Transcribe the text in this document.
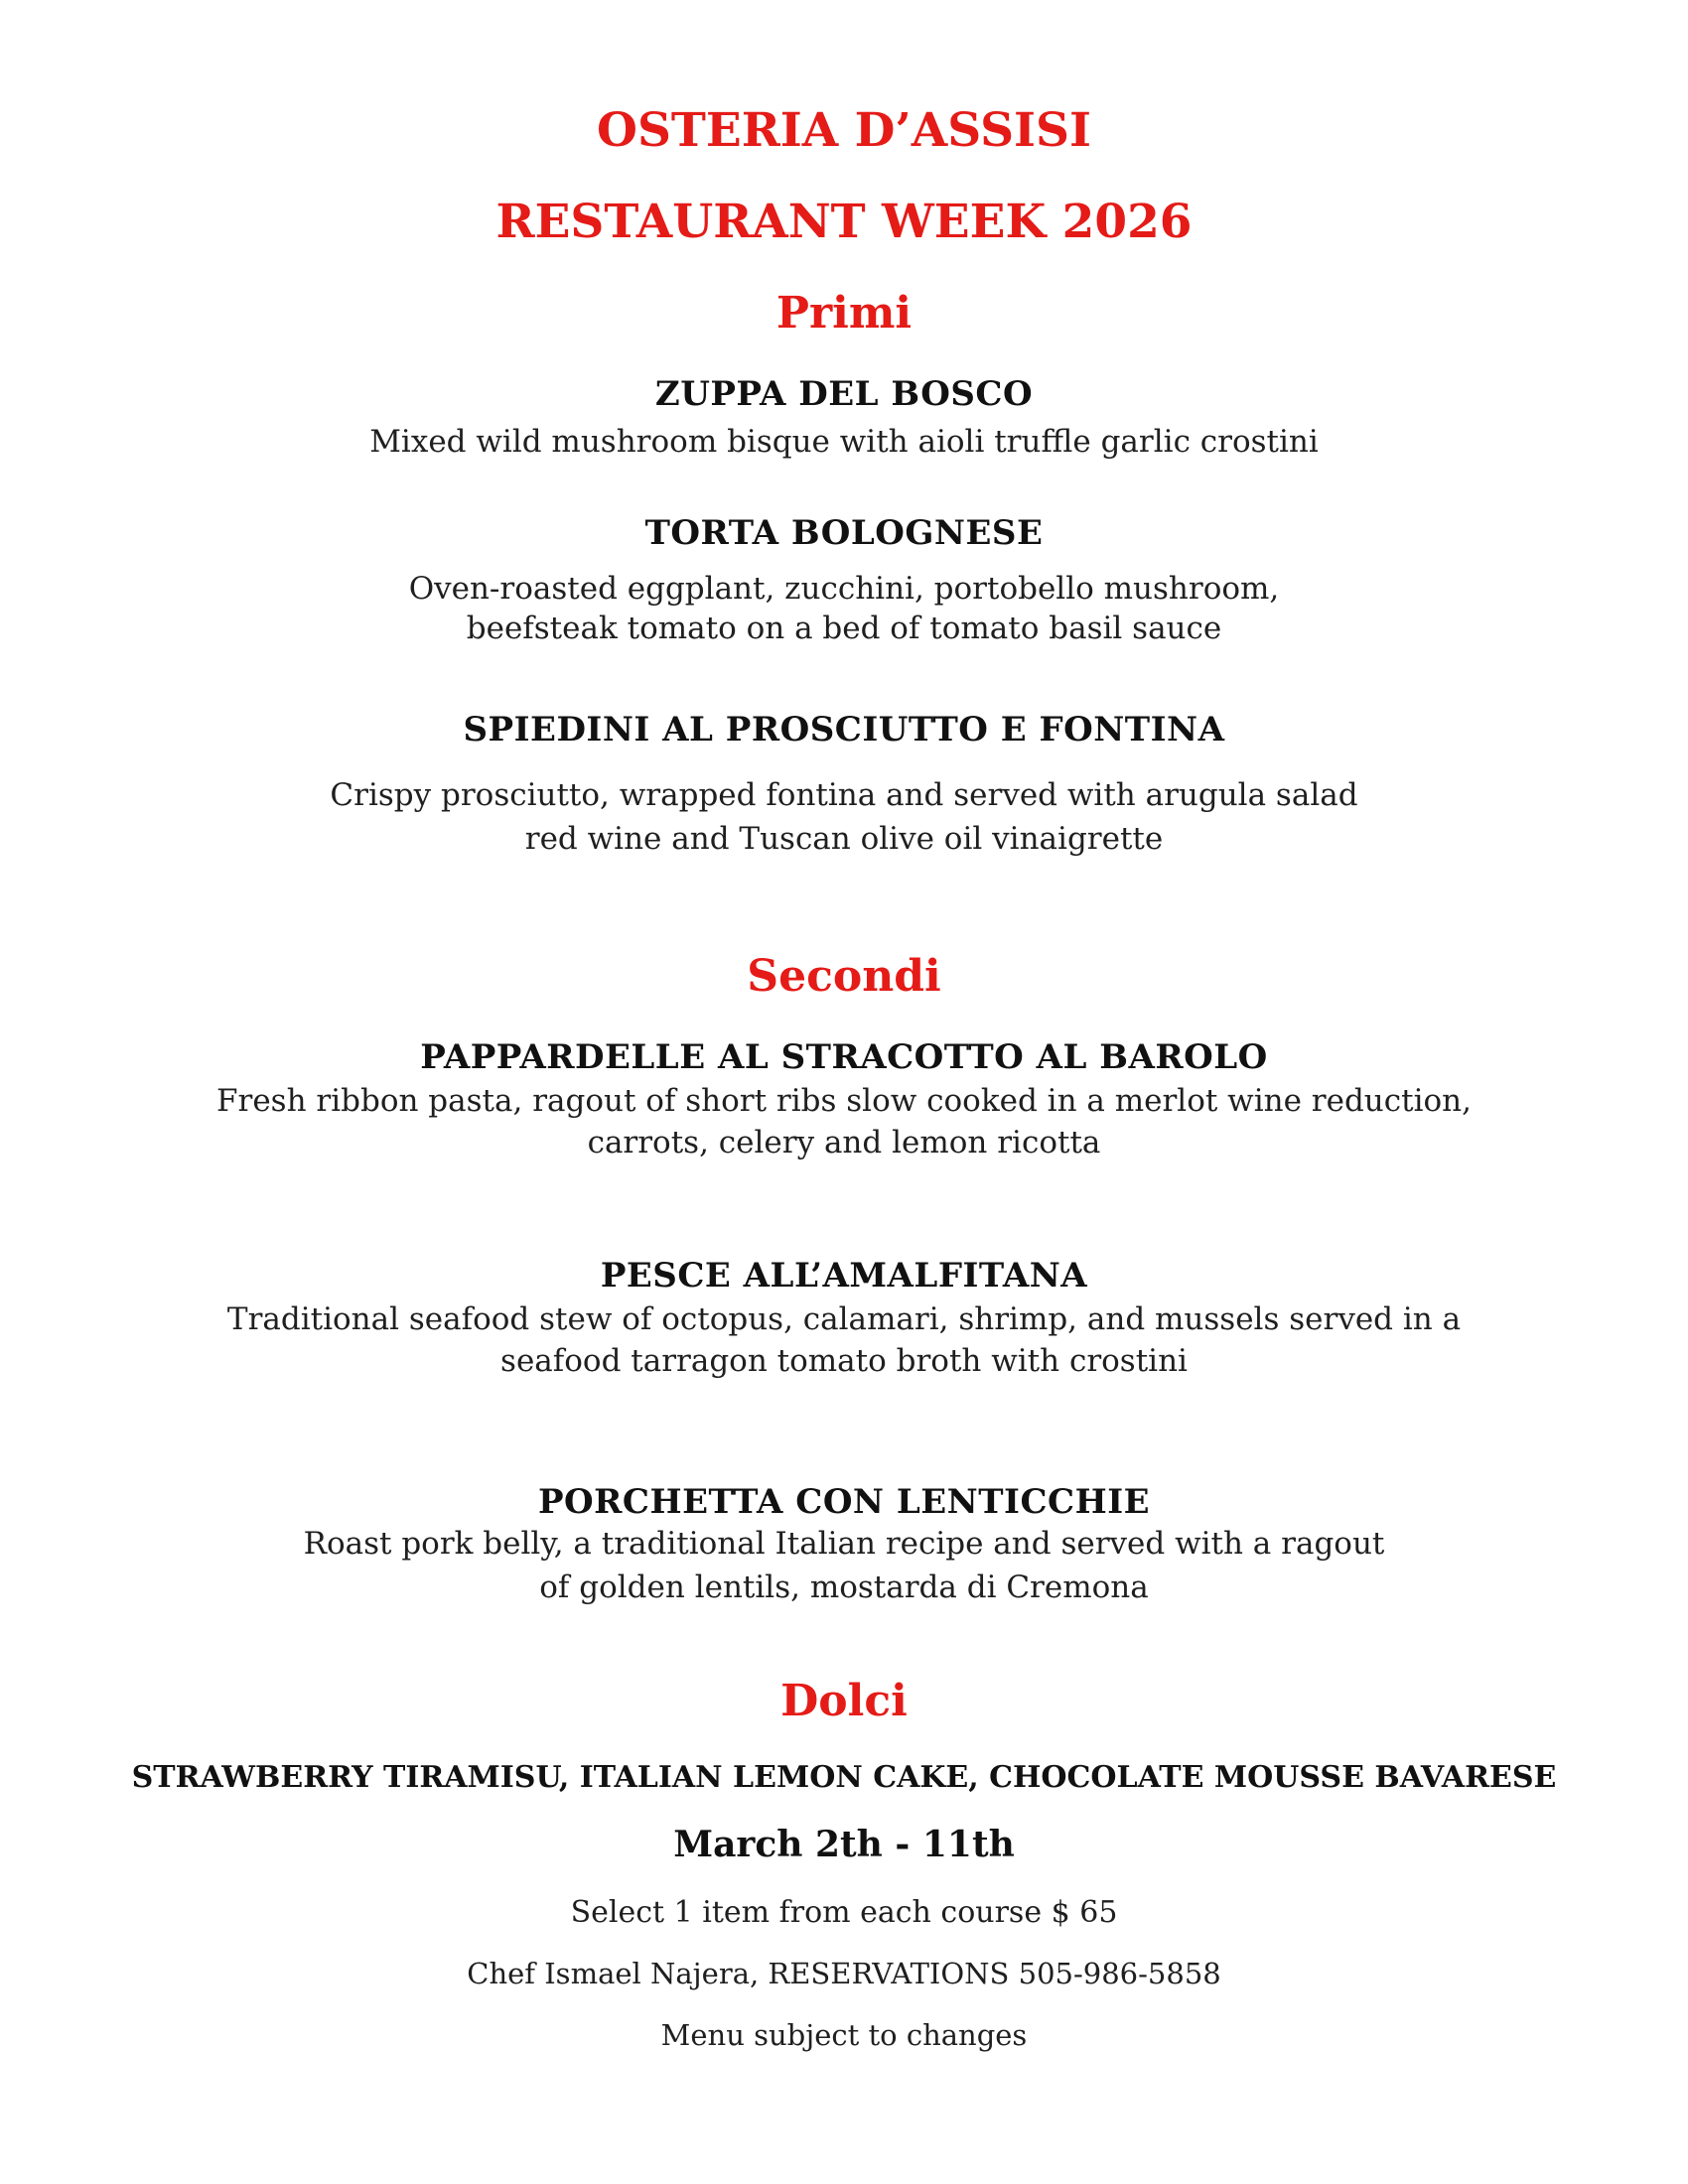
OSTERIA D’ASSISI
RESTAURANT WEEK 2026
Primi
ZUPPA DEL BOSCO
Mixed wild mushroom bisque with aioli truffle garlic crostini
TORTA BOLOGNESE
Oven-roasted eggplant, zucchini, portobello mushroom,
beefsteak tomato on a bed of tomato basil sauce
SPIEDINI AL PROSCIUTTO E FONTINA
Crispy prosciutto, wrapped fontina and served with arugula salad
red wine and Tuscan olive oil vinaigrette
Secondi
PAPPARDELLE AL STRACOTTO AL BAROLO
Fresh ribbon pasta, ragout of short ribs slow cooked in a merlot wine reduction,
carrots, celery and lemon ricotta
PESCE ALL’AMALFITANA
Traditional seafood stew of octopus, calamari, shrimp, and mussels served in a
seafood tarragon tomato broth with crostini
PORCHETTA CON LENTICCHIE
Roast pork belly, a traditional Italian recipe and served with a ragout
of golden lentils, mostarda di Cremona
Dolci
STRAWBERRY TIRAMISU, ITALIAN LEMON CAKE, CHOCOLATE MOUSSE BAVARESE
March 2th - 11th
Select 1 item from each course $ 65
Chef Ismael Najera, RESERVATIONS 505-986-5858
Menu subject to changes
